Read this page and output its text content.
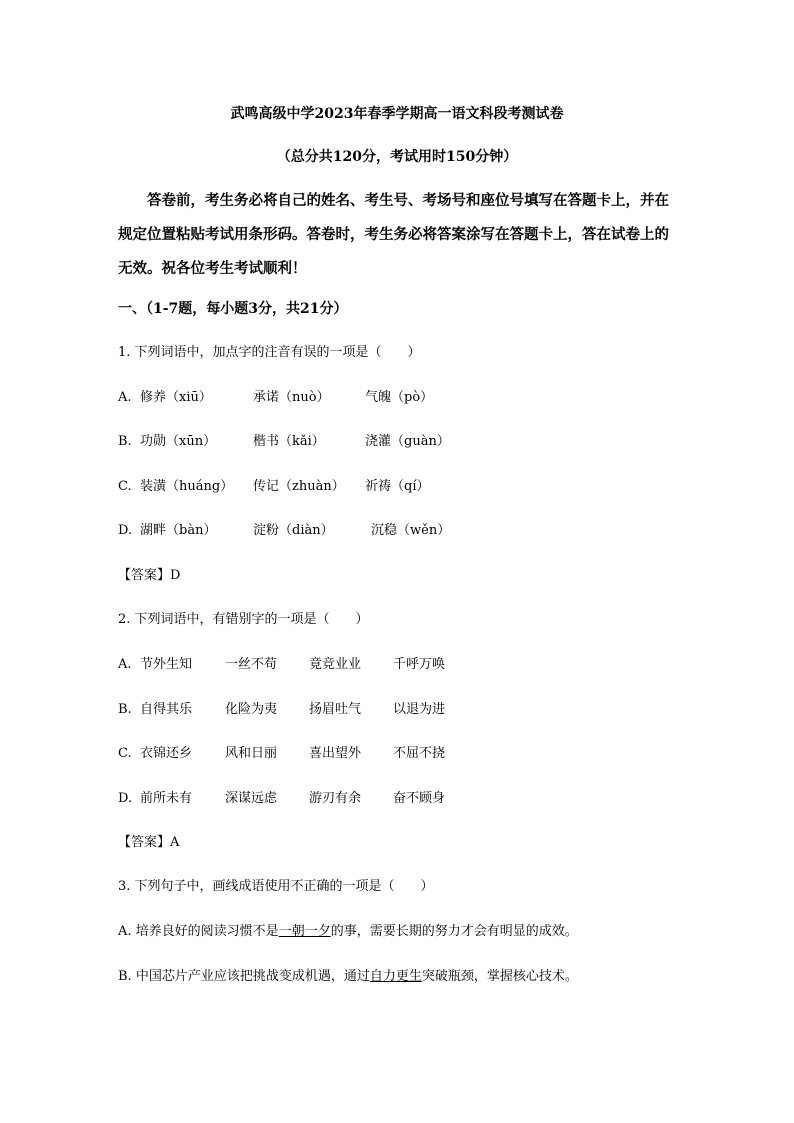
武鸣高级中学2023年春季学期高一语文科段考测试卷
（总分共120分，考试用时150分钟）

答卷前，考生务必将自己的姓名、考生号、考场号和座位号填写在答题卡上，并在规定位置粘贴考试用条形码。答卷时，考生务必将答案涂写在答题卡上，答在试卷上的无效。祝各位考生考试顺利！

一、（1-7题，每小题3分，共21分）
1. 下列词语中，加点字的注音有误的一项是（　　）
A. 修养（xiū）	承诺（nuò）	气魄（pò）
B. 功勋（xūn）	楷书（kǎi）	浇灌（guàn）
C. 装潢（huáng） 传记（zhuàn） 祈祷（qí）
D. 湖畔（bàn）	淀粉（diàn）	沉稳（wěn）
【答案】D
2. 下列词语中，有错别字的一项是（　　）
A. 节外生知	一丝不苟 竟竞业业 千呼万唤
B. 自得其乐	化险为夷 扬眉吐气 以退为进
C. 衣锦还乡	风和日丽 喜出望外 不屈不挠
D. 前所未有	深谋远虑 游刃有余 奋不顾身
【答案】A
3. 下列句子中，画线成语使用不正确的一项是（　　）
A. 培养良好的阅读习惯不是一朝一夕的事，需要长期的努力才会有明显的成效。
B. 中国芯片产业应该把挑战变成机遇，通过自力更生突破瓶颈，掌握核心技术。
